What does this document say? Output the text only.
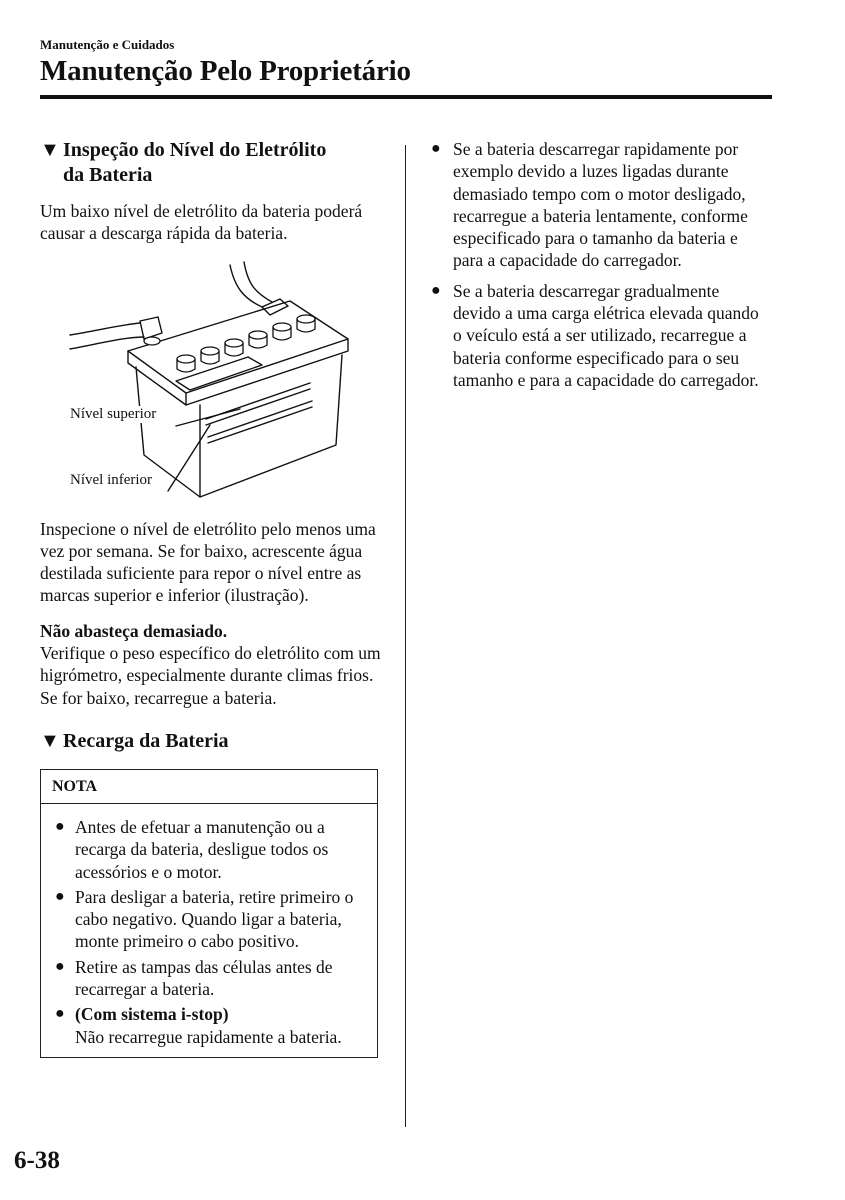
Manutenção e Cuidados
Manutenção Pelo Proprietário
▼ Inspeção do Nível do Eletrólito
da Bateria

Um baixo nível de eletrólito da bateria poderá causar a descarga rápida da bateria.

Nível superior
Nível inferior

Inspecione o nível de eletrólito pelo menos uma vez por semana. Se for baixo, acrescente água destilada suficiente para repor o nível entre as marcas superior e inferior (ilustração).

Não abasteça demasiado.

Verifique o peso específico do eletrólito com um higrómetro, especialmente durante climas frios. Se for baixo, recarregue a bateria.

▼ Recarga da Bateria
NOTA
● Antes de efetuar a manutenção ou a recarga da bateria, desligue todos os acessórios e o motor.
● Para desligar a bateria, retire primeiro o cabo negativo. Quando ligar a bateria, monte primeiro o cabo positivo.
● Retire as tampas das células antes de recarregar a bateria.
● (Com sistema i-stop)
Não recarregue rapidamente a bateria.
● Se a bateria descarregar rapidamente por exemplo devido a luzes ligadas durante demasiado tempo com o motor desligado, recarregue a bateria lentamente, conforme especificado para o tamanho da bateria e para a capacidade do carregador.
● Se a bateria descarregar gradualmente devido a uma carga elétrica elevada quando o veículo está a ser utilizado, recarregue a bateria conforme especificado para o seu tamanho e para a capacidade do carregador.
6-38
